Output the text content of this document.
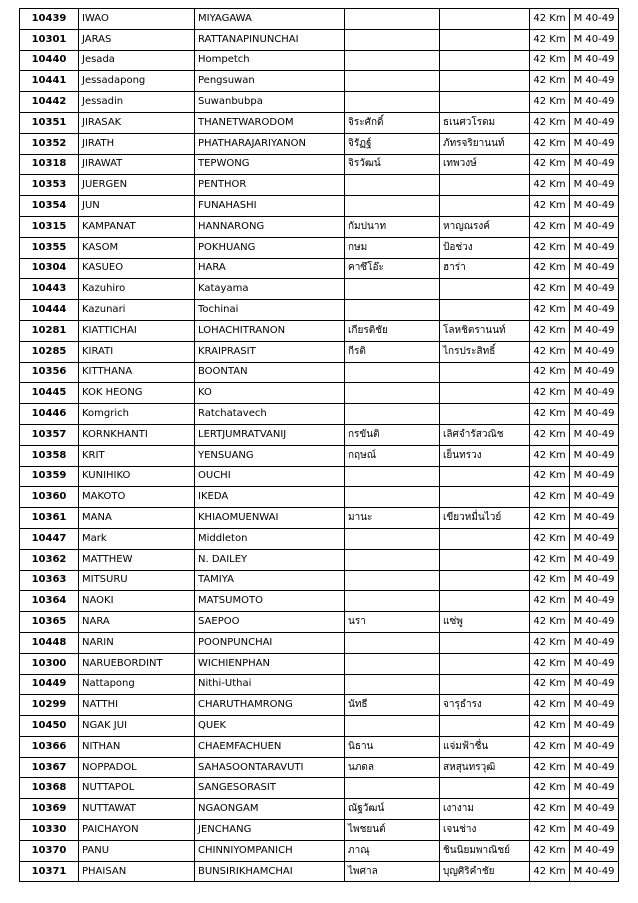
10439	IWAO	MIYAGAWA			42 Km	M 40-49
10301	JARAS	RATTANAPINUNCHAI			42 Km	M 40-49
10440	Jesada	Hompetch			42 Km	M 40-49
10441	Jessadapong	Pengsuwan			42 Km	M 40-49
10442	Jessadin	Suwanbubpa			42 Km	M 40-49
10351	JIRASAK	THANETWARODOM	จิระศักดิ์	ธเนศวโรดม	42 Km	M 40-49
10352	JIRATH	PHATHARAJARIYANON	จิรัฏฐ์	ภัทรจริยานนท์	42 Km	M 40-49
10318	JIRAWAT	TEPWONG	จิรวัฒน์	เทพวงษ์	42 Km	M 40-49
10353	JUERGEN	PENTHOR			42 Km	M 40-49
10354	JUN	FUNAHASHI			42 Km	M 40-49
10315	KAMPANAT	HANNARONG	กัมปนาท	หาญณรงค์	42 Km	M 40-49
10355	KASOM	POKHUANG	กษม	ป้อช่วง	42 Km	M 40-49
10304	KASUEO	HARA	คาซึโอ๊ะ	ฮาร่า	42 Km	M 40-49
10443	Kazuhiro	Katayama			42 Km	M 40-49
10444	Kazunari	Tochinai			42 Km	M 40-49
10281	KIATTICHAI	LOHACHITRANON	เกียรติชัย	โลหชิตรานนท์	42 Km	M 40-49
10285	KIRATI	KRAIPRASIT	กีรติ	ไกรประสิทธิ์	42 Km	M 40-49
10356	KITTHANA	BOONTAN			42 Km	M 40-49
10445	KOK HEONG	KO			42 Km	M 40-49
10446	Komgrich	Ratchatavech			42 Km	M 40-49
10357	KORNKHANTI	LERTJUMRATVANIJ	กรขันติ	เลิศจำรัสวณิช	42 Km	M 40-49
10358	KRIT	YENSUANG	กฤษณ์	เย็นทรวง	42 Km	M 40-49
10359	KUNIHIKO	OUCHI			42 Km	M 40-49
10360	MAKOTO	IKEDA			42 Km	M 40-49
10361	MANA	KHIAOMUENWAI	มานะ	เขียวหมื่นไวย์	42 Km	M 40-49
10447	Mark	Middleton			42 Km	M 40-49
10362	MATTHEW	N. DAILEY			42 Km	M 40-49
10363	MITSURU	TAMIYA			42 Km	M 40-49
10364	NAOKI	MATSUMOTO			42 Km	M 40-49
10365	NARA	SAEPOO	นรา	แซ่พู	42 Km	M 40-49
10448	NARIN	POONPUNCHAI			42 Km	M 40-49
10300	NARUEBORDINT	WICHIENPHAN			42 Km	M 40-49
10449	Nattapong	Nithi-Uthai			42 Km	M 40-49
10299	NATTHI	CHARUTHAMRONG	นัทธี	จารุธำรง	42 Km	M 40-49
10450	NGAK JUI	QUEK			42 Km	M 40-49
10366	NITHAN	CHAEMFACHUEN	นิธาน	แจ่มฟ้าชื่น	42 Km	M 40-49
10367	NOPPADOL	SAHASOONTARAVUTI	นภดล	สหสุนทรวุฒิ	42 Km	M 40-49
10368	NUTTAPOL	SANGESORASIT			42 Km	M 40-49
10369	NUTTAWAT	NGAONGAM	ณัฐวัฒน์	เงางาม	42 Km	M 40-49
10330	PAICHAYON	JENCHANG	ไพชยนต์	เจนช่าง	42 Km	M 40-49
10370	PANU	CHINNIYOMPANICH	ภาณุ	ชินนิยมพาณิชย์	42 Km	M 40-49
10371	PHAISAN	BUNSIRIKHAMCHAI	ไพศาล	บุญศิริคำชัย	42 Km	M 40-49
